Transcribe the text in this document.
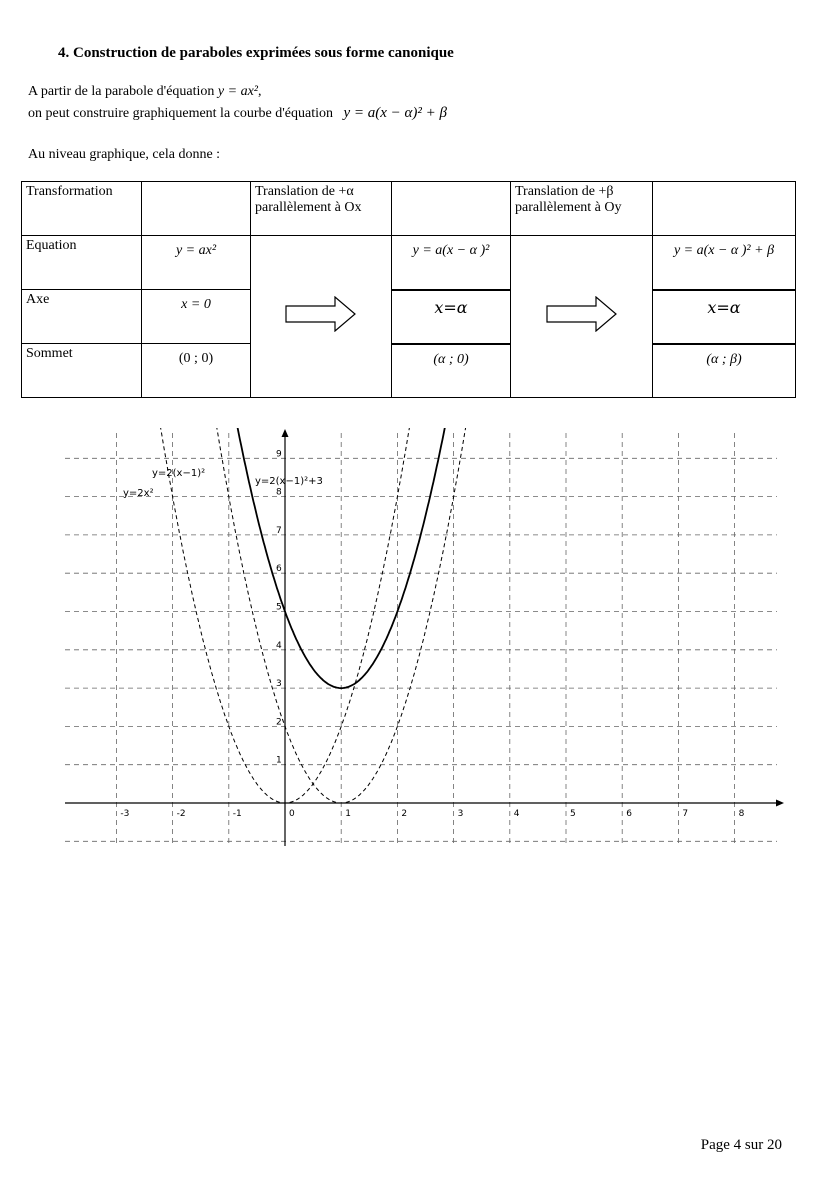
4. Construction de paraboles exprimées sous forme canonique
A partir de la parabole d'équation y = ax²,
on peut construire graphiquement la courbe d'équation   y = a(x − α)² + β
Au niveau graphique, cela donne :
Transformation		Translation de +α parallèlement à Ox		Translation de +β parallèlement à Oy	
Equation	y = ax²		y = a(x − α )²		y = a(x − α )² + β
Axe	x = 0		x=α		x=α
Sommet	(0 ; 0)		(α ; 0)		(α ; β)
-3	-2	-1	0	1	2	3	4	5	6	7	8
1
2
3
4
5
6
7
8
9
y=2x²
y=2(x−1)²
y=2(x−1)²+3
Page 4 sur 20
